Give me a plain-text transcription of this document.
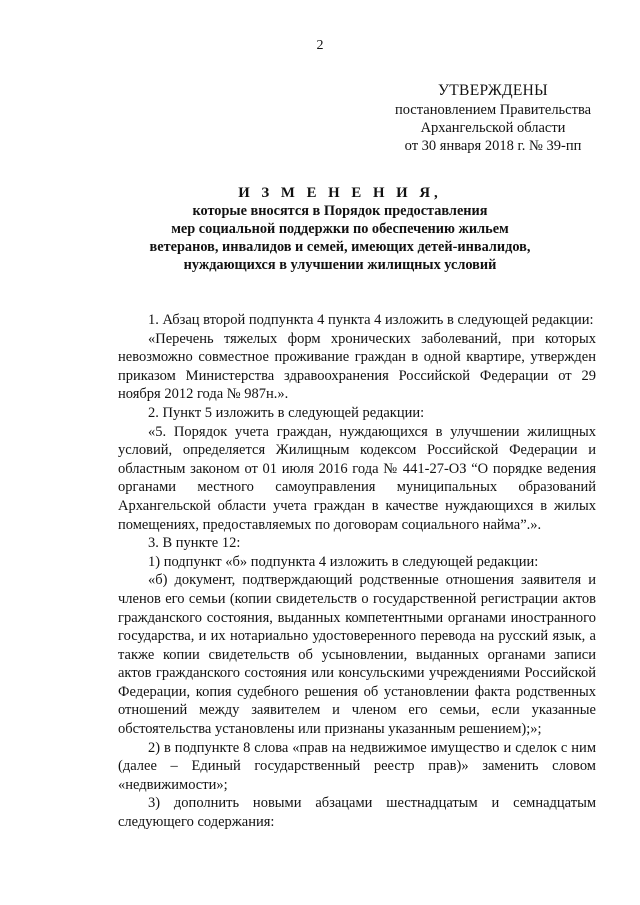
2
УТВЕРЖДЕНЫ
постановлением Правительства
Архангельской области
от 30 января 2018 г. № 39-пп
И З М Е Н Е Н И Я,
которые вносятся в Порядок предоставления
мер социальной поддержки по обеспечению жильем
ветеранов, инвалидов и семей, имеющих детей-инвалидов,
нуждающихся в улучшении жилищных условий

1. Абзац второй подпункта 4 пункта 4 изложить в следующей редакции:

«Перечень тяжелых форм хронических заболеваний, при которых невозможно совместное проживание граждан в одной квартире, утвержден приказом Министерства здравоохранения Российской Федерации от 29 ноября 2012 года № 987н.».

2. Пункт 5 изложить в следующей редакции:

«5. Порядок учета граждан, нуждающихся в улучшении жилищных условий, определяется Жилищным кодексом Российской Федерации и областным законом от 01 июля 2016 года № 441-27-ОЗ “О порядке ведения органами местного самоуправления муниципальных образований Архангельской области учета граждан в качестве нуждающихся в жилых помещениях, предоставляемых по договорам социального найма”.».

3. В пункте 12:

1) подпункт «б» подпункта 4 изложить в следующей редакции:

«б) документ, подтверждающий родственные отношения заявителя и членов его семьи (копии свидетельств о государственной регистрации актов гражданского состояния, выданных компетентными органами иностранного государства, и их нотариально удостоверенного перевода на русский язык, а также копии свидетельств об усыновлении, выданных органами записи актов гражданского состояния или консульскими учреждениями Российской Федерации, копия судебного решения об установлении факта родственных отношений между заявителем и членом его семьи, если указанные обстоятельства установлены или признаны указанным решением);»;

2) в подпункте 8 слова «прав на недвижимое имущество и сделок с ним (далее – Единый государственный реестр прав)» заменить словом «недвижимости»;

3) дополнить новыми абзацами шестнадцатым и семнадцатым следующего содержания:
